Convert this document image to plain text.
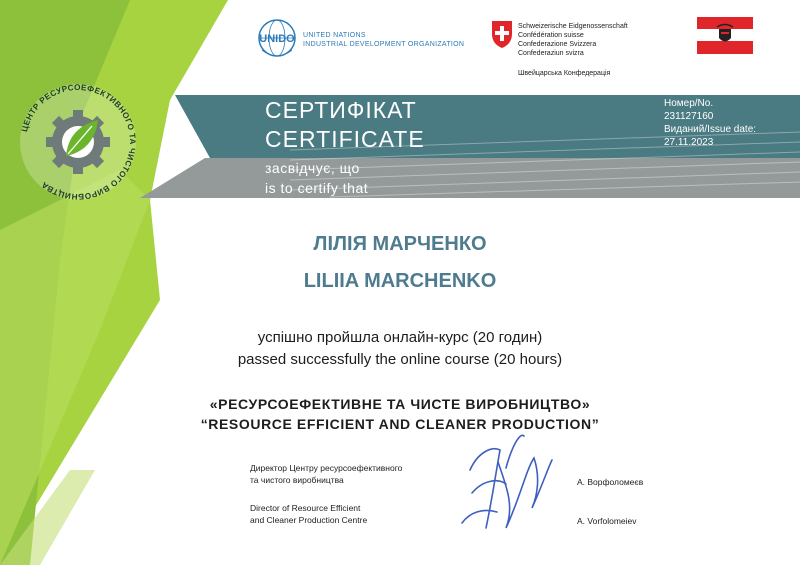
ЦЕНТР РЕСУРСОЕФЕКТИВНОГО ТА ЧИСТОГО ВИРОБНИЦТВА
UNIDO UNITED NATIONS
INDUSTRIAL DEVELOPMENT ORGANIZATION
Schweizerische Eidgenossenschaft
Confédération suisse
Confederazione Svizzera
Confederaziun svizra
Швейцарська Конфедерація
СЕРТИФІКАТ
CERTIFICATE
засвідчує, що
is to certify that
Номер/No.
231127160
Виданий/Issue date:
27.11.2023
ЛІЛІЯ МАРЧЕНКО
LILIIA MARCHENKO
успішно пройшла онлайн-курс (20 годин)
passed successfully the online course (20 hours)
«РЕСУРСОЕФЕКТИВНЕ ТА ЧИСТЕ ВИРОБНИЦТВО»
“RESOURCE EFFICIENT AND CLEANER PRODUCTION”
Директор Центру ресурсоефективного
та чистого виробництва
Director of Resource Efficient
and Cleaner Production Centre
А. Ворфоломеєв
A. Vorfolomeiev
